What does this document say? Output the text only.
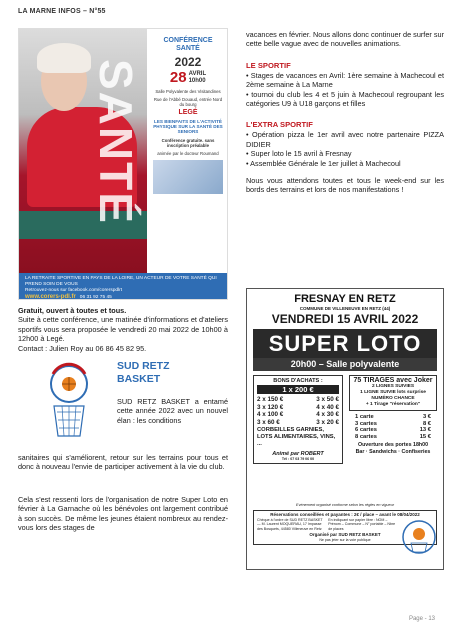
LA MARNE INFOS – N°55
SANTÉ
CONFÉRENCE SANTÉ
2022
28 AVRIL
10h00
Salle Polyvalente des Visitandines
Rue de l'Abbé Douaud, entrée Nord du bourg
LEGÉ
LES BIENFAITS DE L'ACTIVITÉ PHYSIQUE SUR LA SANTÉ DES SENIORS
Conférence gratuite. sans inscription préalable
animée par le docteur Roumand
LA RETRAITE SPORTIVE EN PAYS DE LA LOIRE, UN ACTEUR DE VOTRE SANTÉ QUI PREND SOIN DE VOUS
Retrouvez-nous sur facebook.com/corerspdlrt
www.corers-pdl.fr 06 31 92 75 45
Gratuit, ouvert à toutes et tous.
Suite à cette conférence, une matinée d'informations et d'ateliers sportifs vous sera proposée le vendredi 20 mai 2022 de 10h00 à 12h00 à Legé.
Contact : Julien Roy au 06 86 45 82 95.
SUD RETZ
BASKET
SUD RETZ BASKET a entamé cette année 2022 avec un nouvel élan : les conditions
sanitaires qui s'améliorent, retour sur les terrains pour tous et donc à nouveau l'envie de participer activement à la vie du club.
Cela s'est ressenti lors de l'organisation de notre Super Loto en février à La Garnache où les bénévoles ont largement contribué à son succès. De même les jeunes étaient nombreux au rendez-vous lors des stages de
vacances en février. Nous allons donc continuer de surfer sur cette belle vague avec de nouvelles animations.
LE SPORTIF
• Stages de vacances en Avril: 1ère semaine à Machecoul et 2ème semaine à La Marne
• tournoi du club les 4 et 5 juin à Machecoul regroupant les catégories U9 à U18 garçons et filles
L'EXTRA SPORTIF
• Opération pizza le 1er avril avec notre partenaire PIZZA DIDIER
• Super loto le 15 avril à Fresnay
• Assemblée Générale le 1er juillet à Machecoul
Nous vous attendons toutes et tous le week-end sur les bords des terrains et lors de nos manifestations !
FRESNAY EN RETZ
COMMUNE DE VILLENEUVE EN RETZ (44)
VENDREDI 15 AVRIL 2022
SUPER LOTO
20h00 – Salle polyvalente
BONS D'ACHATS :
1 x 200 €
2 x 150 €	3 x 50 €
3 x 120 €	4 x 40 €
4 x 100 €	4 x 30 €
3 x 60 €	3 x 20 €
CORBEILLES GARNIES, LOTS ALIMENTAIRES, VINS, ...
Animé par ROBERT
Tél : 07 03 79 06 00
75 TIRAGES avec Joker
2 LIGNES SUIVIES
1 LIGNE SUIVIE lots surprise
NUMÉRO CHANCE
+ 1 Tirage "réservation"
1 carte	3 €
3 cartes	8 €
6 cartes	13 €
8 cartes	15 €
Ouverture des portes 18h00
Bar · Sandwichs · Confiseries
Evénement organisé conforme selon les règles en vigueur
Réservations conseillées et payantes : 2€ / place – avant le 08/04/2022
Chèque à l'ordre de SUD RETZ BASKET — M. Laurent MOQUERAU, 17 Impasse des Bosquets, 44580 Villeneuve en Retz
En indiquant sur papier libre : NOM – Prénom – Commune – N° portable – Nbre de places
Organisé par SUD RETZ BASKET
Ne pas jeter sur la voie publique
Page - 13
